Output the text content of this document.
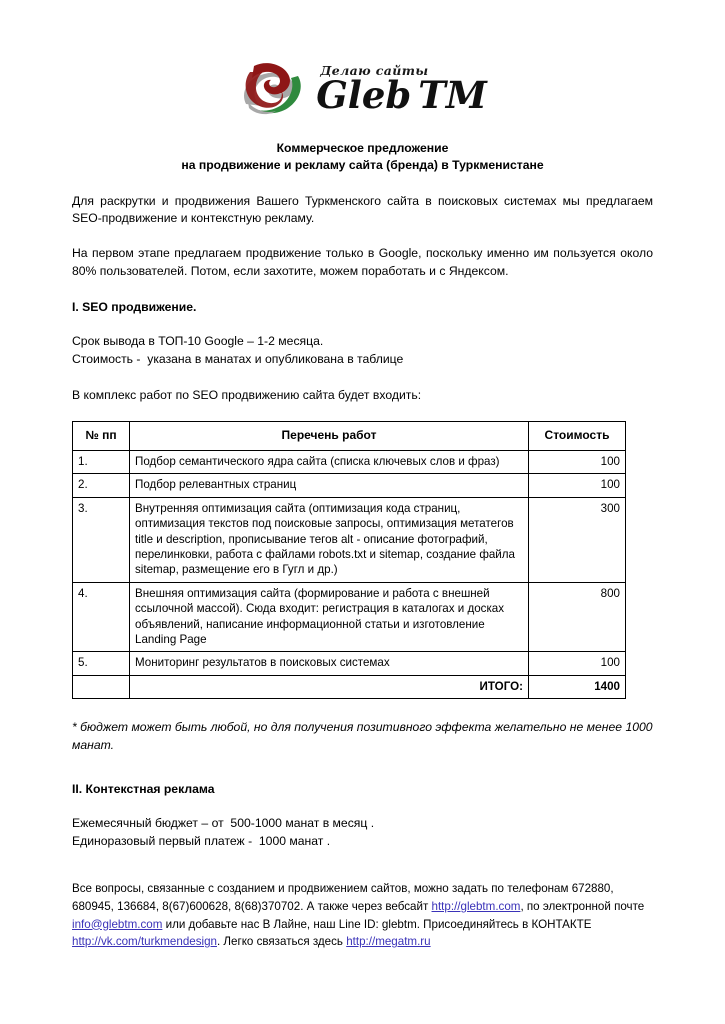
Делаю сайты
Gleb TM
Коммерческое предложение
на продвижение и рекламу сайта (бренда) в Туркменистане
Для раскрутки и продвижения Вашего Туркменского сайта в поисковых системах мы предлагаем SEO-продвижение и контекстную рекламу.
На первом этапе предлагаем продвижение только в Google, поскольку именно им пользуется около 80% пользователей. Потом, если захотите, можем поработать и с Яндексом.
I. SEO продвижение.
Срок вывода в ТОП-10 Google – 1-2 месяца.
Стоимость -  указана в манатах и опубликована в таблице
В комплекс работ по SEO продвижению сайта будет входить:
№ пп	Перечень работ	Стоимость
1.	Подбор семантического ядра сайта (списка ключевых слов и фраз)	100
2.	Подбор релевантных страниц	100
3.	Внутренняя оптимизация сайта (оптимизация кода страниц, оптимизация текстов под поисковые запросы, оптимизация метатегов title и description, прописывание тегов alt - описание фотографий, перелинковки, работа с файлами robots.txt и sitemap, создание файла sitemap, размещение его в Гугл и др.)	300
4.	Внешняя оптимизация сайта (формирование и работа с внешней ссылочной массой). Сюда входит: регистрация в каталогах и досках объявлений, написание информационной статьи и изготовление Landing Page	800
5.	Мониторинг результатов в поисковых системах	100
	ИТОГО:	1400
* бюджет может быть любой, но для получения позитивного эффекта желательно не менее 1000 манат.
II. Контекстная реклама
Ежемесячный бюджет – от  500-1000 манат в месяц .
Единоразовый первый платеж -  1000 манат .
Все вопросы, связанные с созданием и продвижением сайтов, можно задать по телефонам 672880, 680945, 136684, 8(67)600628, 8(68)370702. А также через вебсайт http://glebtm.com, по электронной почте info@glebtm.com или добавьте нас В Лайне, наш Line ID: glebtm. Присоединяйтесь в КОНТАКТЕ http://vk.com/turkmendesign. Легко связаться здесь http://megatm.ru
